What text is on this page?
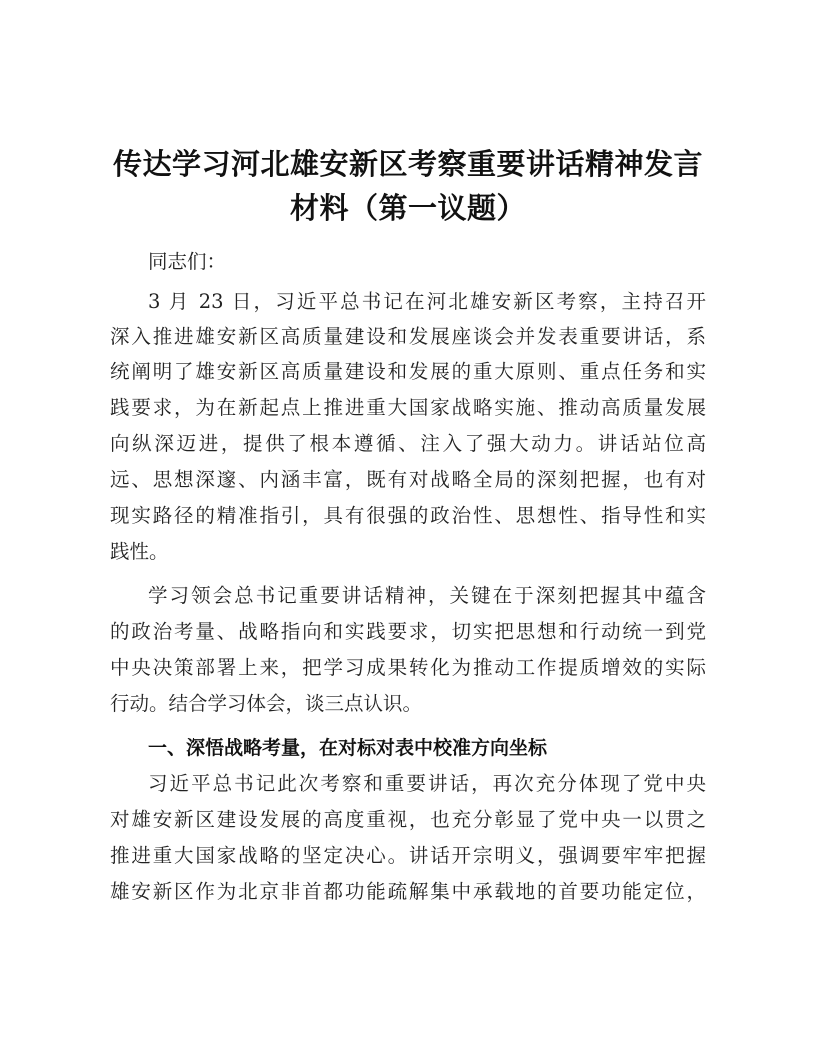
传达学习河北雄安新区考察重要讲话精神发言
材料（第一议题）
同志们：
3 月 23 日，习近平总书记在河北雄安新区考察，主持召开
深入推进雄安新区高质量建设和发展座谈会并发表重要讲话，系
统阐明了雄安新区高质量建设和发展的重大原则、重点任务和实
践要求，为在新起点上推进重大国家战略实施、推动高质量发展
向纵深迈进，提供了根本遵循、注入了强大动力。讲话站位高
远、思想深邃、内涵丰富，既有对战略全局的深刻把握，也有对
现实路径的精准指引，具有很强的政治性、思想性、指导性和实
践性。
学习领会总书记重要讲话精神，关键在于深刻把握其中蕴含
的政治考量、战略指向和实践要求，切实把思想和行动统一到党
中央决策部署上来，把学习成果转化为推动工作提质增效的实际
行动。结合学习体会，谈三点认识。
一、深悟战略考量，在对标对表中校准方向坐标
习近平总书记此次考察和重要讲话，再次充分体现了党中央
对雄安新区建设发展的高度重视，也充分彰显了党中央一以贯之
推进重大国家战略的坚定决心。讲话开宗明义，强调要牢牢把握
雄安新区作为北京非首都功能疏解集中承载地的首要功能定位，
